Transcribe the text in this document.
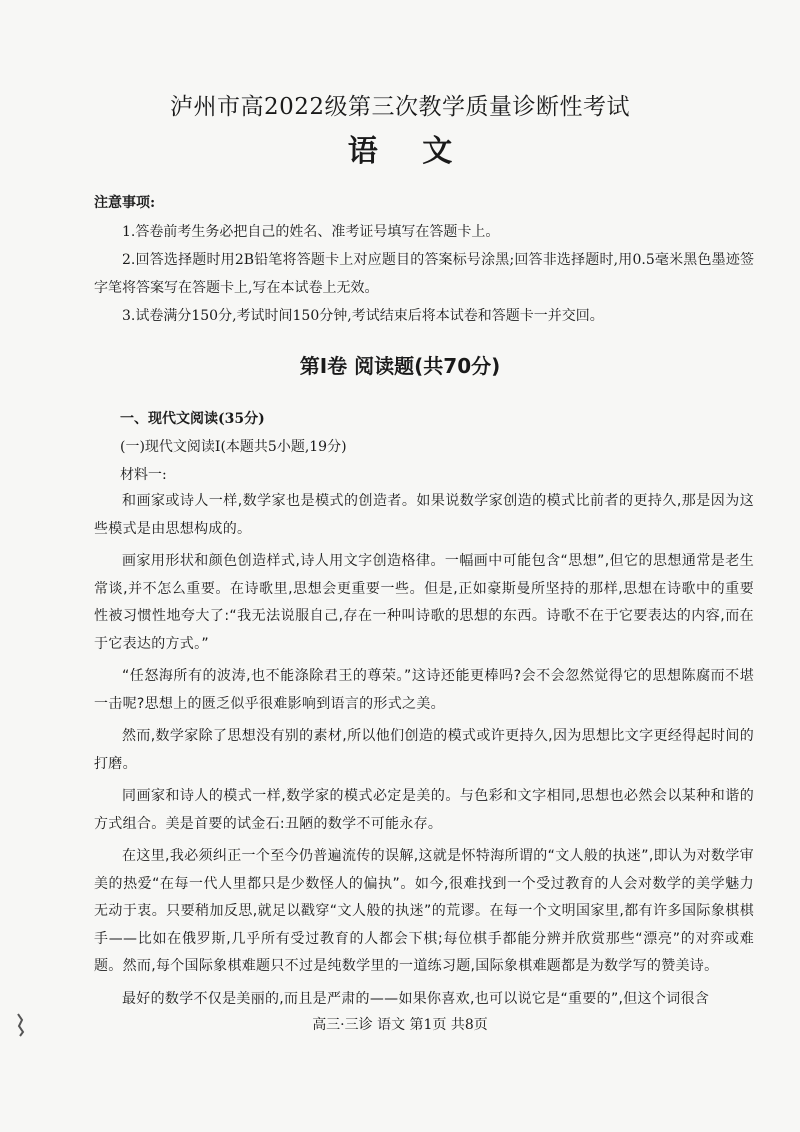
泸州市高2022级第三次教学质量诊断性考试
语 文
注意事项:

1.答卷前考生务必把自己的姓名、准考证号填写在答题卡上。

2.回答选择题时用2B铅笔将答题卡上对应题目的答案标号涂黑;回答非选择题时,用0.5毫米黑色墨迹签字笔将答案写在答题卡上,写在本试卷上无效。

3.试卷满分150分,考试时间150分钟,考试结束后将本试卷和答题卡一并交回。

第Ⅰ卷 阅读题(共70分)
一、现代文阅读(35分)
(一)现代文阅读Ⅰ(本题共5小题,19分)
材料一:

和画家或诗人一样,数学家也是模式的创造者。如果说数学家创造的模式比前者的更持久,那是因为这些模式是由思想构成的。

画家用形状和颜色创造样式,诗人用文字创造格律。一幅画中可能包含“思想”,但它的思想通常是老生常谈,并不怎么重要。在诗歌里,思想会更重要一些。但是,正如豪斯曼所坚持的那样,思想在诗歌中的重要性被习惯性地夸大了:“我无法说服自己,存在一种叫诗歌的思想的东西。诗歌不在于它要表达的内容,而在于它表达的方式。”

“任怒海所有的波涛,也不能涤除君王的尊荣。”这诗还能更棒吗?会不会忽然觉得它的思想陈腐而不堪一击呢?思想上的匮乏似乎很难影响到语言的形式之美。

然而,数学家除了思想没有别的素材,所以他们创造的模式或许更持久,因为思想比文字更经得起时间的打磨。

同画家和诗人的模式一样,数学家的模式必定是美的。与色彩和文字相同,思想也必然会以某种和谐的方式组合。美是首要的试金石:丑陋的数学不可能永存。

在这里,我必须纠正一个至今仍普遍流传的误解,这就是怀特海所谓的“文人般的执迷”,即认为对数学审美的热爱“在每一代人里都只是少数怪人的偏执”。如今,很难找到一个受过教育的人会对数学的美学魅力无动于衷。只要稍加反思,就足以戳穿“文人般的执迷”的荒谬。在每一个文明国家里,都有许多国际象棋棋手——比如在俄罗斯,几乎所有受过教育的人都会下棋;每位棋手都能分辨并欣赏那些“漂亮”的对弈或难题。然而,每个国际象棋难题只不过是纯数学里的一道练习题,国际象棋难题都是为数学写的赞美诗。

最好的数学不仅是美丽的,而且是严肃的——如果你喜欢,也可以说它是“重要的”,但这个词很含

高三·三诊 语文 第1页 共8页
